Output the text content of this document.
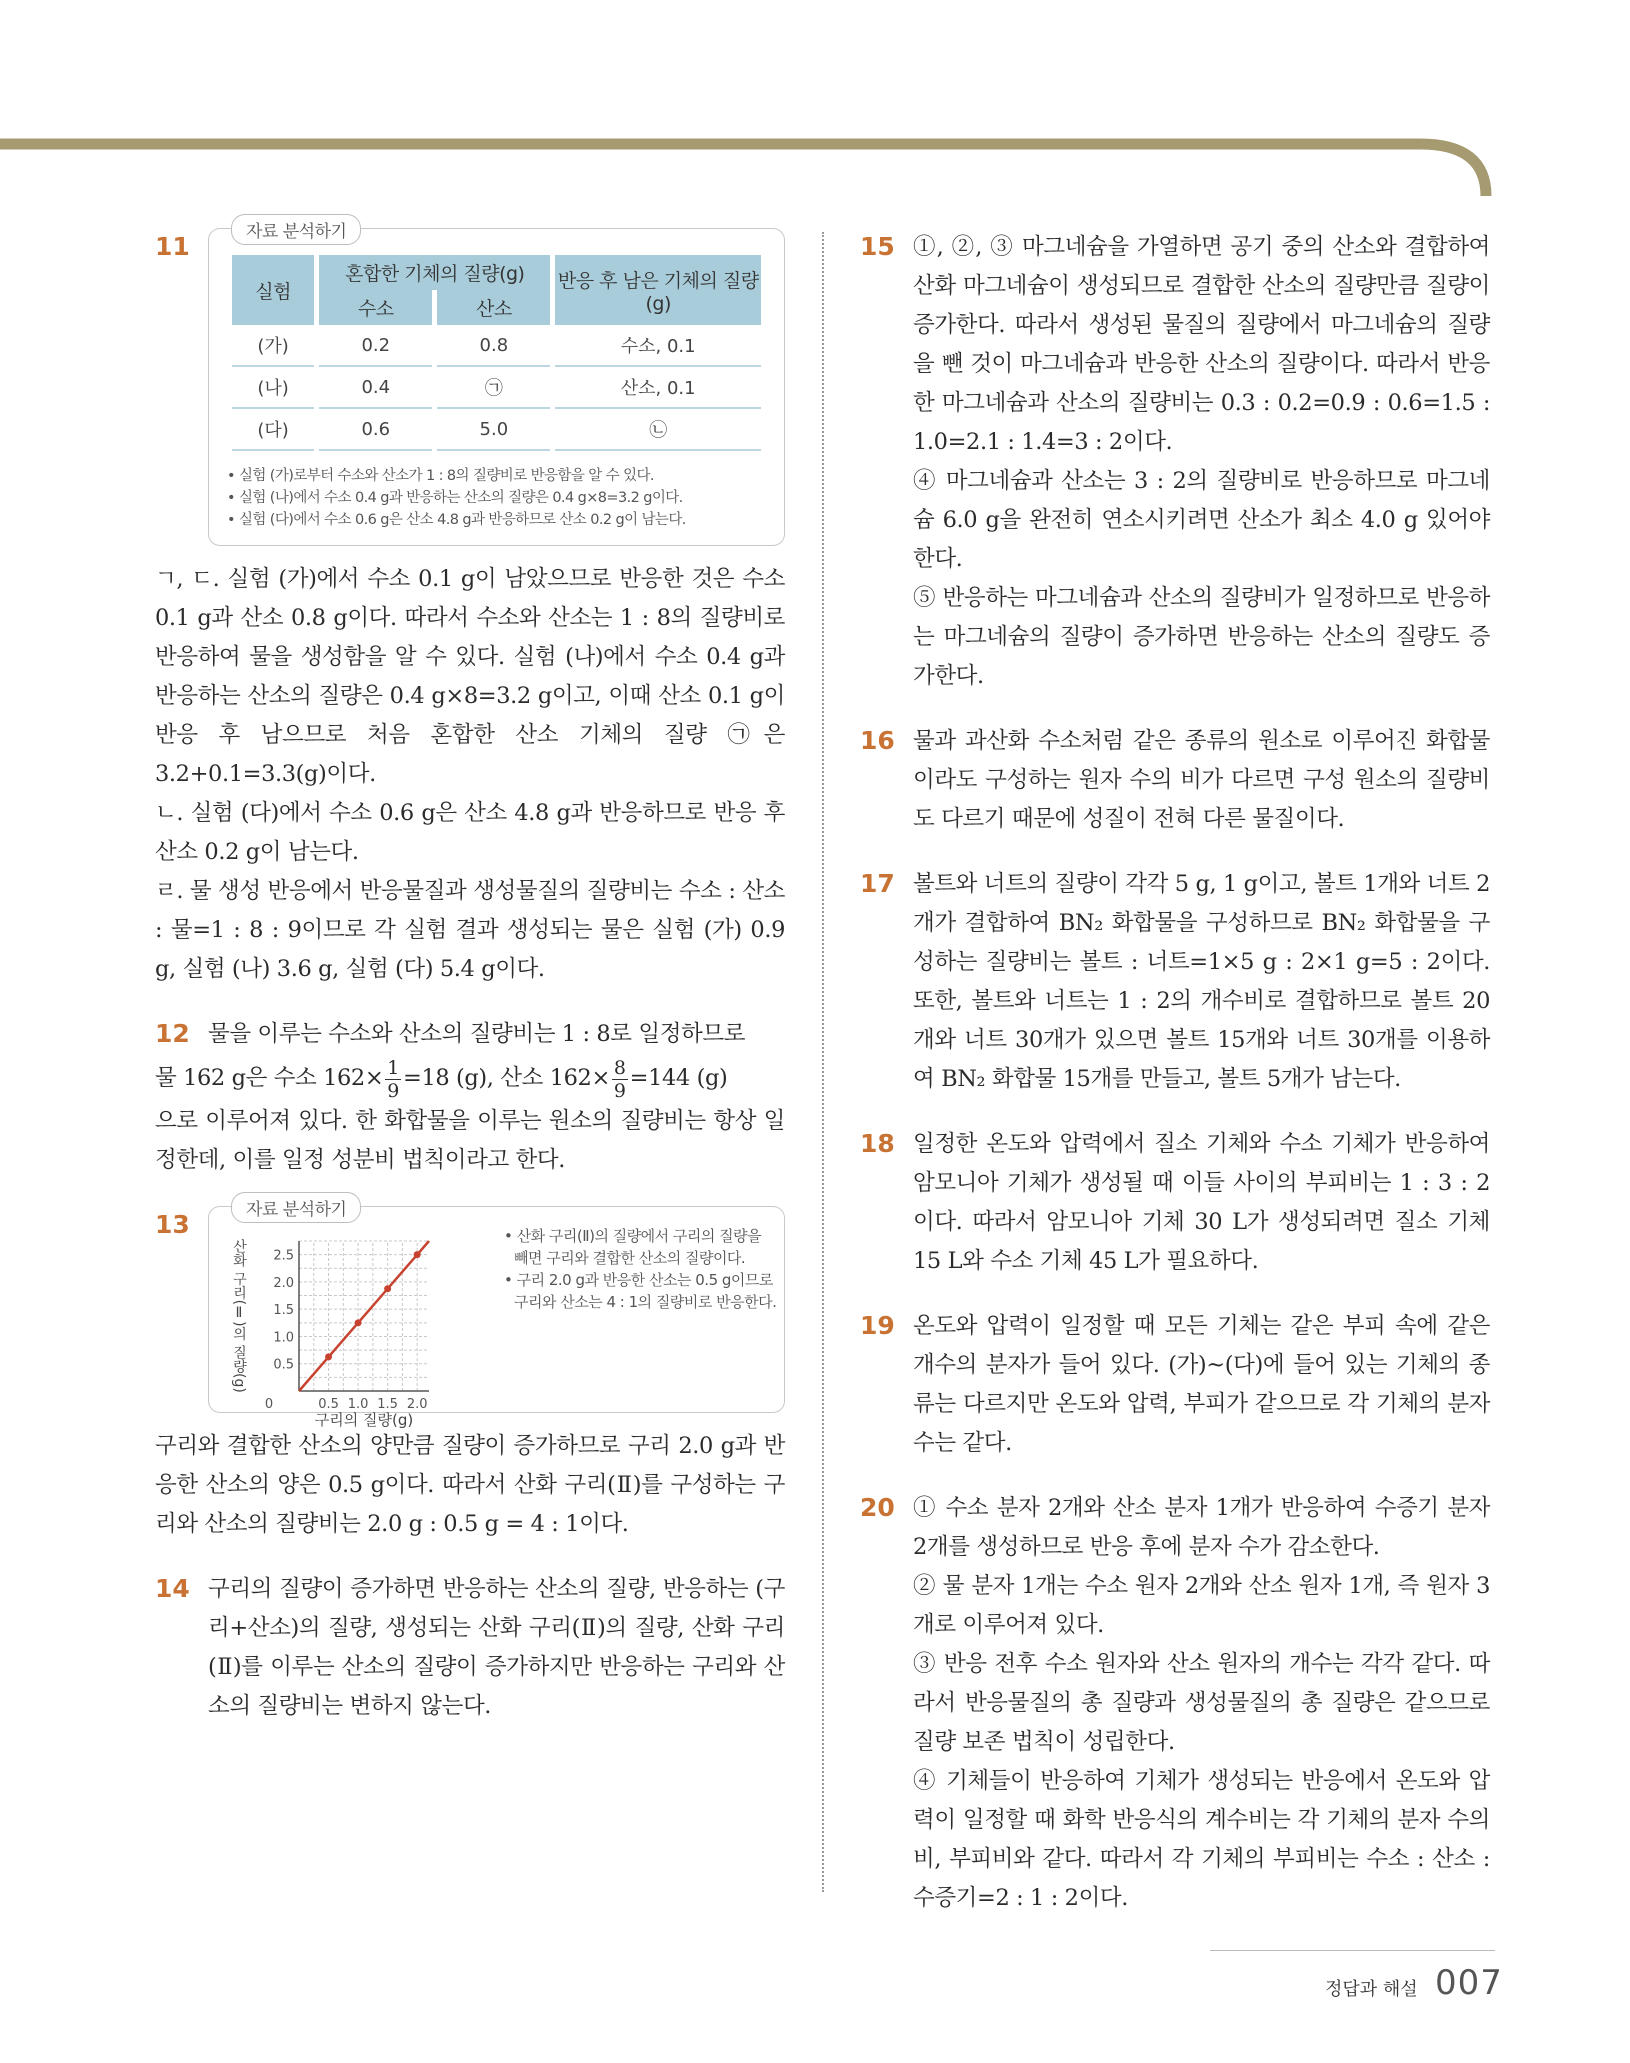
11	자료 분석하기
실험	혼합한 기체의 질량(g)		반응 후 남은 기체의 질량(g)
	수소	산소	
(가)	0.2	0.8	수소, 0.1
(나)	0.4	㉠	산소, 0.1
(다)	0.6	5.0	㉡
• 실험 (가)로부터 수소와 산소가 1 : 8의 질량비로 반응함을 알 수 있다.
• 실험 (나)에서 수소 0.4 g과 반응하는 산소의 질량은 0.4 g×8=3.2 g이다.
• 실험 (다)에서 수소 0.6 g은 산소 4.8 g과 반응하므로 산소 0.2 g이 남는다.

ㄱ, ㄷ. 실험 (가)에서 수소 0.1 g이 남았으므로 반응한 것은 수소 0.1 g과 산소 0.8 g이다. 따라서 수소와 산소는 1 : 8의 질량비로 반응하여 물을 생성함을 알 수 있다. 실험 (나)에서 수소 0.4 g과 반응하는 산소의 질량은 0.4 g×8=3.2 g이고, 이때 산소 0.1 g이 반응 후 남으므로 처음 혼합한 산소 기체의 질량 ㉠은 3.2+0.1=3.3(g)이다.

ㄴ. 실험 (다)에서 수소 0.6 g은 산소 4.8 g과 반응하므로 반응 후 산소 0.2 g이 남는다.

ㄹ. 물 생성 반응에서 반응물질과 생성물질의 질량비는 수소 : 산소 : 물=1 : 8 : 9이므로 각 실험 결과 생성되는 물은 실험 (가) 0.9 g, 실험 (나) 3.6 g, 실험 (다) 5.4 g이다.

12 물을 이루는 수소와 산소의 질량비는 1 : 8로 일정하므로

물 162 g은 수소 $162\times \frac{1}{9} =18$ (g), 산소 $162\times \frac{8}{9} =144$ (g)

으로 이루어져 있다. 한 화합물을 이루는 원소의 질량비는 항상 일정한데, 이를 일정 성분비 법칙이라고 한다.

13	자료 분석하기
0.5 1.0 1.5 2.0
0.5
1.0
1.5
2.0
2.5
0
구리의 질량(g)
산화 구리(Ⅱ)의 질량(g)
• 산화 구리(Ⅱ)의 질량에서 구리의 질량을 빼면 구리와 결합한 산소의 질량이다.
• 구리 2.0 g과 반응한 산소는 0.5 g이므로 구리와 산소는 4 : 1의 질량비로 반응한다.

구리와 결합한 산소의 양만큼 질량이 증가하므로 구리 2.0 g과 반응한 산소의 양은 0.5 g이다. 따라서 산화 구리(Ⅱ)를 구성하는 구리와 산소의 질량비는 2.0 g : 0.5 g = 4 : 1이다.

14 구리의 질량이 증가하면 반응하는 산소의 질량, 반응하는 (구리+산소)의 질량, 생성되는 산화 구리(Ⅱ)의 질량, 산화 구리(Ⅱ)를 이루는 산소의 질량이 증가하지만 반응하는 구리와 산소의 질량비는 변하지 않는다.

15 ①, ②, ③ 마그네슘을 가열하면 공기 중의 산소와 결합하여 산화 마그네슘이 생성되므로 결합한 산소의 질량만큼 질량이 증가한다. 따라서 생성된 물질의 질량에서 마그네슘의 질량을 뺀 것이 마그네슘과 반응한 산소의 질량이다. 따라서 반응한 마그네슘과 산소의 질량비는 0.3 : 0.2=0.9 : 0.6=1.5 : 1.0=2.1 : 1.4=3 : 2이다.

④ 마그네슘과 산소는 3 : 2의 질량비로 반응하므로 마그네슘 6.0 g을 완전히 연소시키려면 산소가 최소 4.0 g 있어야 한다.

⑤ 반응하는 마그네슘과 산소의 질량비가 일정하므로 반응하는 마그네슘의 질량이 증가하면 반응하는 산소의 질량도 증가한다.

16 물과 과산화 수소처럼 같은 종류의 원소로 이루어진 화합물이라도 구성하는 원자 수의 비가 다르면 구성 원소의 질량비도 다르기 때문에 성질이 전혀 다른 물질이다.

17 볼트와 너트의 질량이 각각 5 g, 1 g이고, 볼트 1개와 너트 2개가 결합하여 BN₂ 화합물을 구성하므로 BN₂ 화합물을 구성하는 질량비는 볼트 : 너트=1×5 g : 2×1 g=5 : 2이다. 또한, 볼트와 너트는 1 : 2의 개수비로 결합하므로 볼트 20개와 너트 30개가 있으면 볼트 15개와 너트 30개를 이용하여 BN₂ 화합물 15개를 만들고, 볼트 5개가 남는다.

18 일정한 온도와 압력에서 질소 기체와 수소 기체가 반응하여 암모니아 기체가 생성될 때 이들 사이의 부피비는 1 : 3 : 2이다. 따라서 암모니아 기체 30 L가 생성되려면 질소 기체 15 L와 수소 기체 45 L가 필요하다.

19 온도와 압력이 일정할 때 모든 기체는 같은 부피 속에 같은 개수의 분자가 들어 있다. (가)~(다)에 들어 있는 기체의 종류는 다르지만 온도와 압력, 부피가 같으므로 각 기체의 분자 수는 같다.

20 ① 수소 분자 2개와 산소 분자 1개가 반응하여 수증기 분자 2개를 생성하므로 반응 후에 분자 수가 감소한다.

② 물 분자 1개는 수소 원자 2개와 산소 원자 1개, 즉 원자 3개로 이루어져 있다.

③ 반응 전후 수소 원자와 산소 원자의 개수는 각각 같다. 따라서 반응물질의 총 질량과 생성물질의 총 질량은 같으므로 질량 보존 법칙이 성립한다.

④ 기체들이 반응하여 기체가 생성되는 반응에서 온도와 압력이 일정할 때 화학 반응식의 계수비는 각 기체의 분자 수의 비, 부피비와 같다. 따라서 각 기체의 부피비는 수소 : 산소 : 수증기=2 : 1 : 2이다.

정답과 해설 007
